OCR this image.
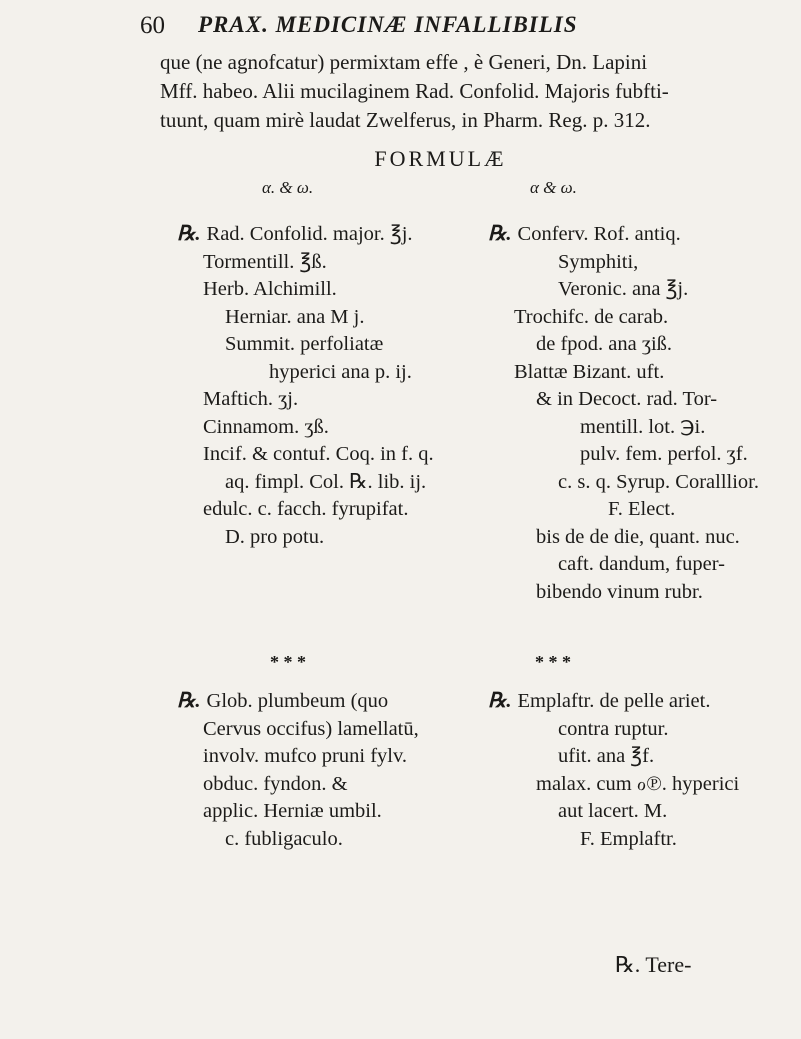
60 PRAX. MEDICINÆ INFALLIBILIS

que (ne agnofcatur) permixtam effe , è Generi, Dn. Lapini

Mff. habeo. Alii mucilaginem Rad. Confolid. Majoris fubfti-

tuunt, quam mirè laudat Zwelferus, in Pharm. Reg. p. 312.

FORMULÆ
α. & ω.	α & ω.
℞. Rad. Confolid. major. ℥j.
Tormentill. ℥ß.
Herb. Alchimill.
Herniar. ana M j.
Summit. perfoliatæ
hyperici ana p. ij.
Maftich. ʒj.
Cinnamom. ʒß.
Incif. & contuf. Coq. in f. q.
aq. fimpl. Col. ℞. lib. ij.
edulc. c. facch. fyrupifat.
D. pro potu.
℞. Conferv. Rof. antiq.
Symphiti,
Veronic. ana ℥j.
Trochifc. de carab.
de fpod. ana ʒiß.
Blattæ Bizant. uft.
& in Decoct. rad. Tor-
mentill. lot. ℈i.
pulv. fem. perfol. ʒf.
c. s. q. Syrup. Coralllior.
F. Elect.
bis de de die, quant. nuc.
caft. dandum, fuper-
bibendo vinum rubr.
* * *	* * *
℞. Glob. plumbeum (quo
Cervus occifus) lamellatū,
involv. mufco pruni fylv.
obduc. fyndon. &
applic. Herniæ umbil.
c. fubligaculo.
℞. Emplaftr. de pelle ariet.
contra ruptur.
ufit. ana ℥f.
malax. cum ℴ℗. hyperici
aut lacert. M.
F. Emplaftr.
℞. Tere-
